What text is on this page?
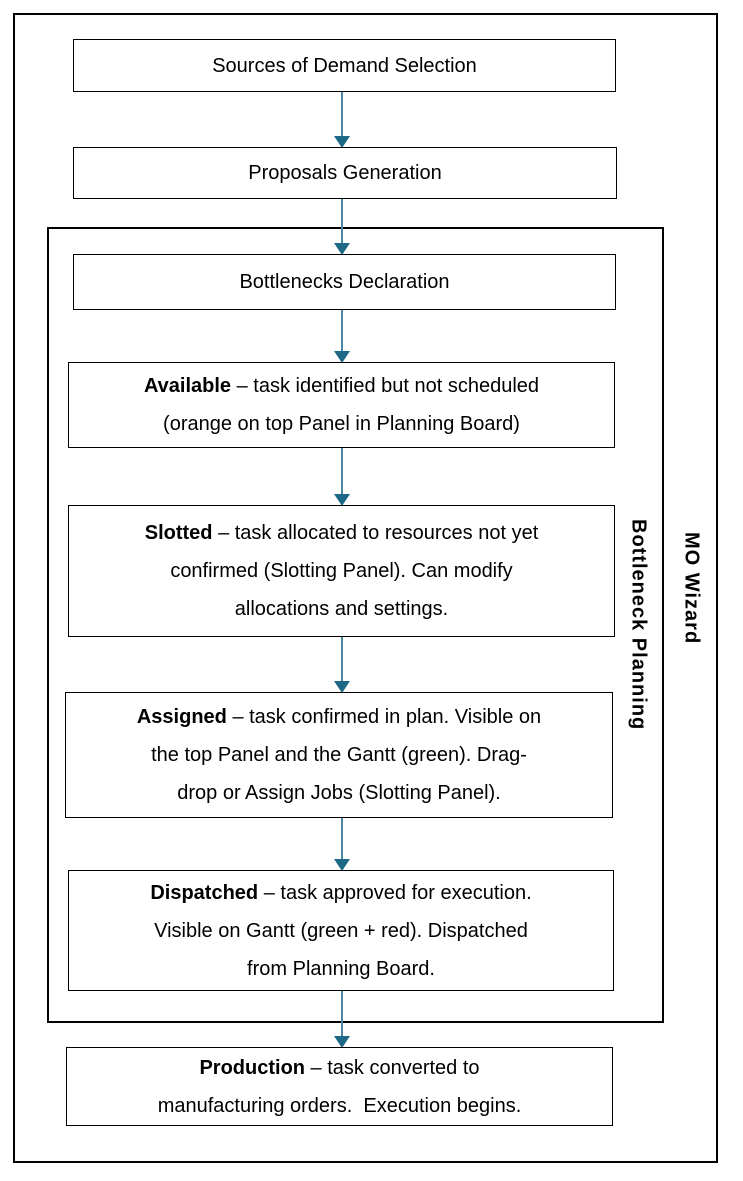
Sources of Demand Selection
Proposals Generation
Bottlenecks Declaration
Available – task identified but not scheduled
(orange on top Panel in Planning Board)
Slotted – task allocated to resources not yet
confirmed (Slotting Panel). Can modify
allocations and settings.
Assigned – task confirmed in plan. Visible on
the top Panel and the Gantt (green). Drag-
drop or Assign Jobs (Slotting Panel).
Dispatched – task approved for execution.
Visible on Gantt (green + red). Dispatched
from Planning Board.
Production – task converted to
manufacturing orders.  Execution begins.
Bottleneck Planning MO Wizard
